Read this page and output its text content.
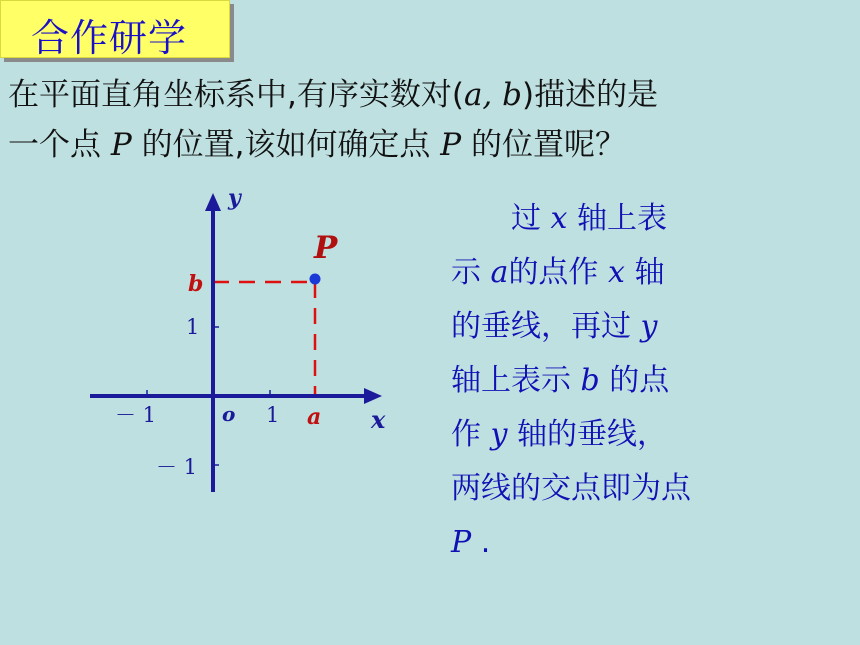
合作研学
在平面直角坐标系中,有序实数对(a, b)描述的是
一个点 P 的位置,该如何确定点 P 的位置呢？
y
x
o
－ 1	1
1
－ 1
P
b
a
　　过 x 轴上表
示 a的点作 x 轴
的垂线，再过 y
轴上表示 b 的点
作 y 轴的垂线，
两线的交点即为点
P .
